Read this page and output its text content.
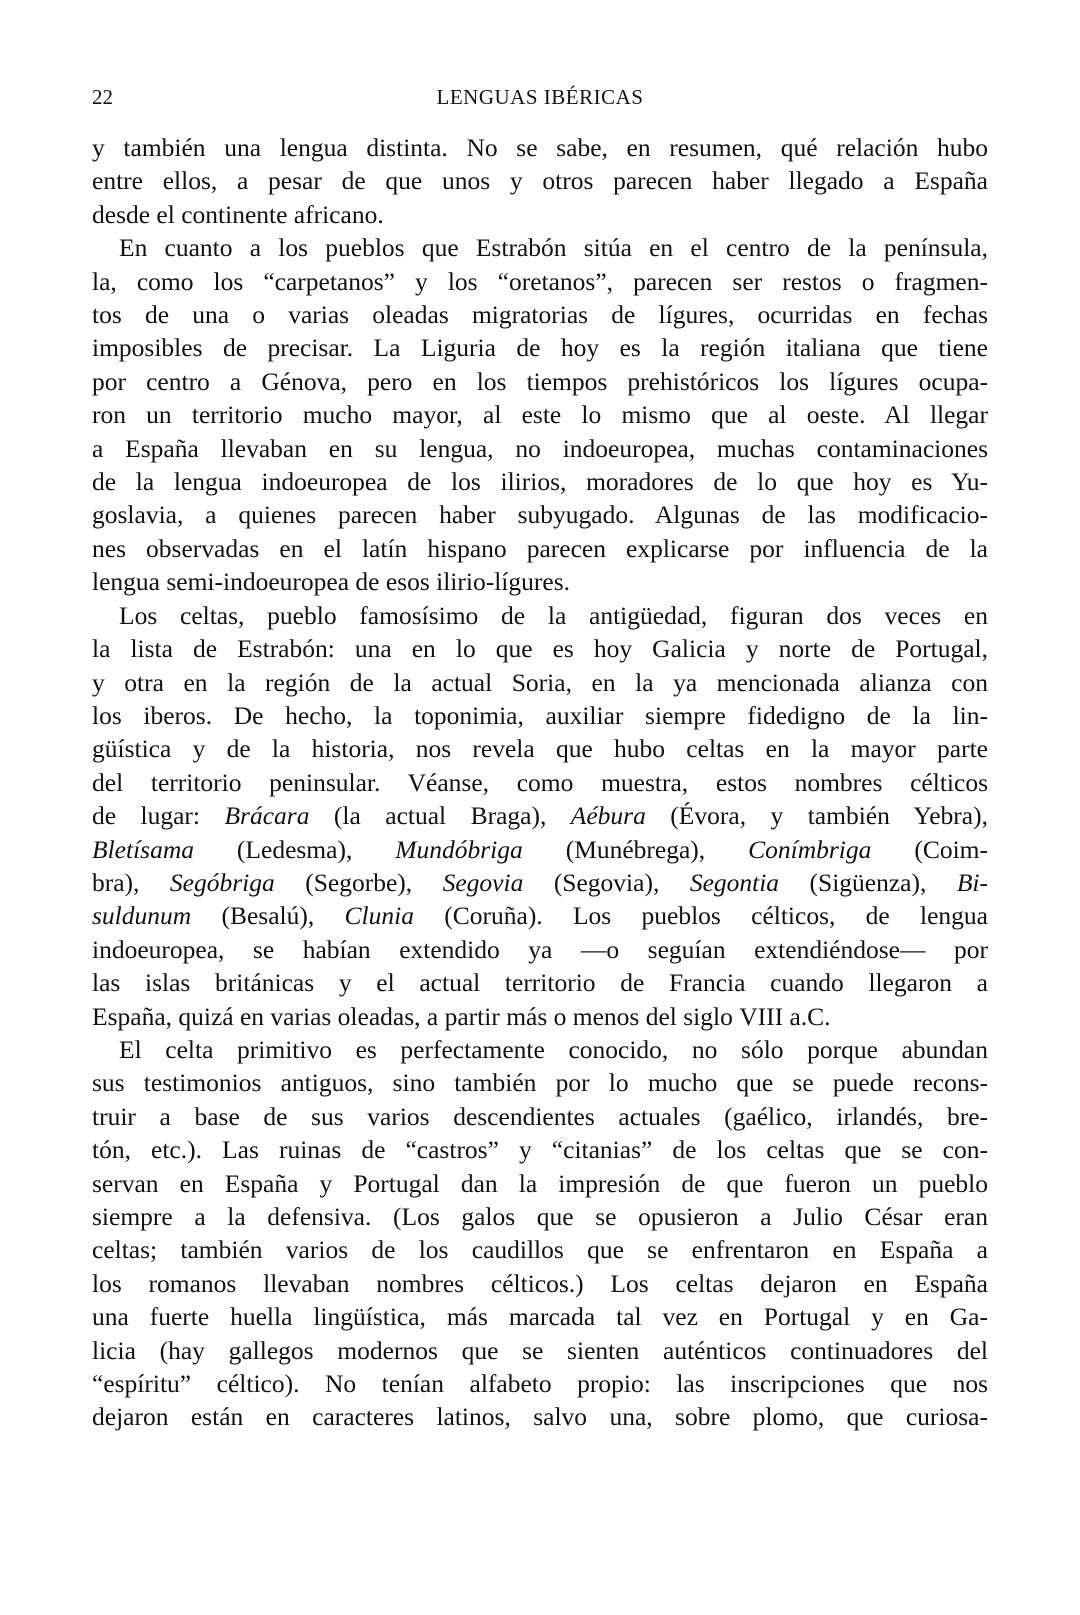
22	LENGUAS IBÉRICAS
y también una lengua distinta. No se sabe, en resumen, qué relación hubo
entre ellos, a pesar de que unos y otros parecen haber llegado a España
desde el continente africano.
En cuanto a los pueblos que Estrabón sitúa en el centro de la península,
la, como los “carpetanos” y los “oretanos”, parecen ser restos o fragmen-
tos de una o varias oleadas migratorias de lígures, ocurridas en fechas
imposibles de precisar. La Liguria de hoy es la región italiana que tiene
por centro a Génova, pero en los tiempos prehistóricos los lígures ocupa-
ron un territorio mucho mayor, al este lo mismo que al oeste. Al llegar
a España llevaban en su lengua, no indoeuropea, muchas contaminaciones
de la lengua indoeuropea de los ilirios, moradores de lo que hoy es Yu-
goslavia, a quienes parecen haber subyugado. Algunas de las modificacio-
nes observadas en el latín hispano parecen explicarse por influencia de la
lengua semi-indoeuropea de esos ilirio-lígures.
Los celtas, pueblo famosísimo de la antigüedad, figuran dos veces en
la lista de Estrabón: una en lo que es hoy Galicia y norte de Portugal,
y otra en la región de la actual Soria, en la ya mencionada alianza con
los iberos. De hecho, la toponimia, auxiliar siempre fidedigno de la lin-
güística y de la historia, nos revela que hubo celtas en la mayor parte
del territorio peninsular. Véanse, como muestra, estos nombres célticos
de lugar: Brácara (la actual Braga), Aébura (Évora, y también Yebra),
Bletísama (Ledesma), Mundóbriga (Munébrega), Conímbriga (Coim-
bra), Segóbriga (Segorbe), Segovia (Segovia), Segontia (Sigüenza), Bi-
suldunum (Besalú), Clunia (Coruña). Los pueblos célticos, de lengua
indoeuropea, se habían extendido ya —o seguían extendiéndose— por
las islas británicas y el actual territorio de Francia cuando llegaron a
España, quizá en varias oleadas, a partir más o menos del siglo VIII a.C.
El celta primitivo es perfectamente conocido, no sólo porque abundan
sus testimonios antiguos, sino también por lo mucho que se puede recons-
truir a base de sus varios descendientes actuales (gaélico, irlandés, bre-
tón, etc.). Las ruinas de “castros” y “citanias” de los celtas que se con-
servan en España y Portugal dan la impresión de que fueron un pueblo
siempre a la defensiva. (Los galos que se opusieron a Julio César eran
celtas; también varios de los caudillos que se enfrentaron en España a
los romanos llevaban nombres célticos.) Los celtas dejaron en España
una fuerte huella lingüística, más marcada tal vez en Portugal y en Ga-
licia (hay gallegos modernos que se sienten auténticos continuadores del
“espíritu” céltico). No tenían alfabeto propio: las inscripciones que nos
dejaron están en caracteres latinos, salvo una, sobre plomo, que curiosa-
